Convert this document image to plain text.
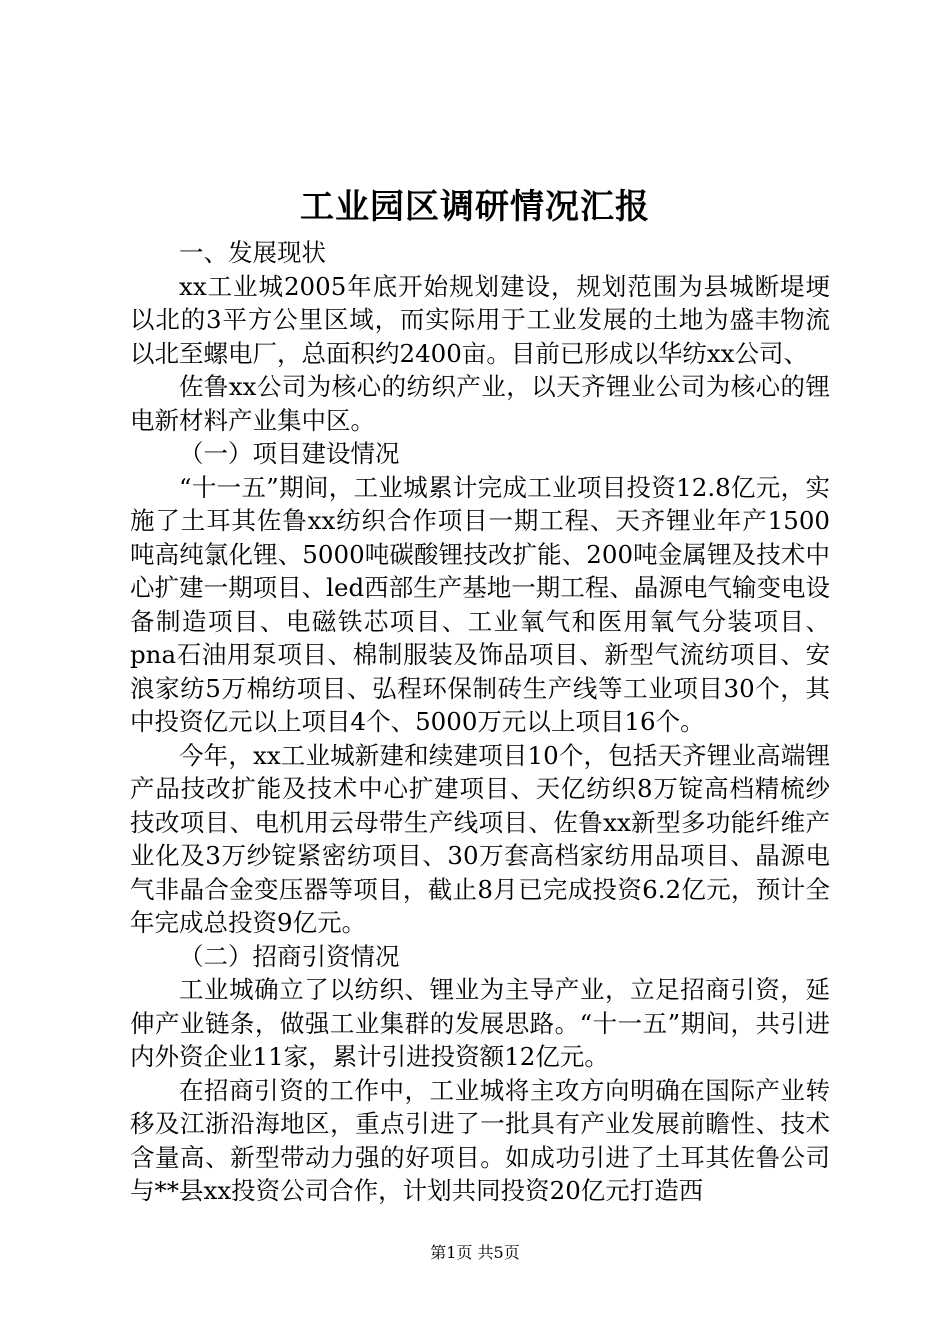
工业园区调研情况汇报

一、发展现状

xx工业城2005年底开始规划建设，规划范围为县城断堤埂以北的3平方公里区域，而实际用于工业发展的土地为盛丰物流以北至螺电厂，总面积约2400亩。目前已形成以华纺xx公司、

佐鲁xx公司为核心的纺织产业，以天齐锂业公司为核心的锂电新材料产业集中区。

（一）项目建设情况

“十一五”期间，工业城累计完成工业项目投资12.8亿元，实施了土耳其佐鲁xx纺织合作项目一期工程、天齐锂业年产1500吨高纯氯化锂、5000吨碳酸锂技改扩能、200吨金属锂及技术中心扩建一期项目、led西部生产基地一期工程、晶源电气输变电设备制造项目、电磁铁芯项目、工业氧气和医用氧气分装项目、pna石油用泵项目、棉制服装及饰品项目、新型气流纺项目、安浪家纺5万棉纺项目、弘程环保制砖生产线等工业项目30个，其中投资亿元以上项目4个、5000万元以上项目16个。

今年，xx工业城新建和续建项目10个，包括天齐锂业高端锂产品技改扩能及技术中心扩建项目、天亿纺织8万锭高档精梳纱技改项目、电机用云母带生产线项目、佐鲁xx新型多功能纤维产业化及3万纱锭紧密纺项目、30万套高档家纺用品项目、晶源电气非晶合金变压器等项目，截止8月已完成投资6.2亿元，预计全年完成总投资9亿元。

（二）招商引资情况

工业城确立了以纺织、锂业为主导产业，立足招商引资，延伸产业链条，做强工业集群的发展思路。“十一五”期间，共引进内外资企业11家，累计引进投资额12亿元。

在招商引资的工作中，工业城将主攻方向明确在国际产业转移及江浙沿海地区，重点引进了一批具有产业发展前瞻性、技术含量高、新型带动力强的好项目。如成功引进了土耳其佐鲁公司与**县xx投资公司合作，计划共同投资20亿元打造西

第1页 共5页
